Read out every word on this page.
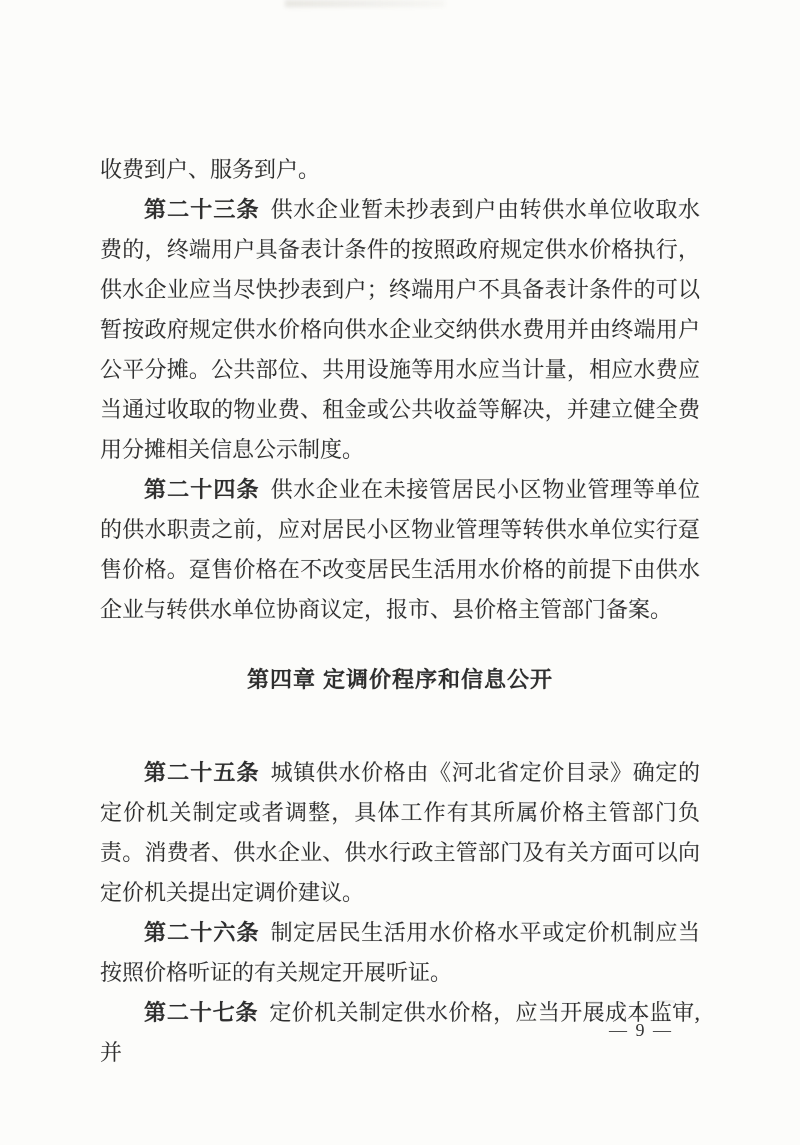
收费到户、服务到户。

第二十三条 供水企业暂未抄表到户由转供水单位收取水费的，终端用户具备表计条件的按照政府规定供水价格执行，供水企业应当尽快抄表到户；终端用户不具备表计条件的可以暂按政府规定供水价格向供水企业交纳供水费用并由终端用户公平分摊。公共部位、共用设施等用水应当计量，相应水费应当通过收取的物业费、租金或公共收益等解决，并建立健全费用分摊相关信息公示制度。

第二十四条 供水企业在未接管居民小区物业管理等单位的供水职责之前，应对居民小区物业管理等转供水单位实行趸售价格。趸售价格在不改变居民生活用水价格的前提下由供水企业与转供水单位协商议定，报市、县价格主管部门备案。

第四章 定调价程序和信息公开

第二十五条 城镇供水价格由《河北省定价目录》确定的定价机关制定或者调整，具体工作有其所属价格主管部门负责。消费者、供水企业、供水行政主管部门及有关方面可以向定价机关提出定调价建议。

第二十六条 制定居民生活用水价格水平或定价机制应当按照价格听证的有关规定开展听证。

第二十七条 定价机关制定供水价格，应当开展成本监审,并

— 9 —
